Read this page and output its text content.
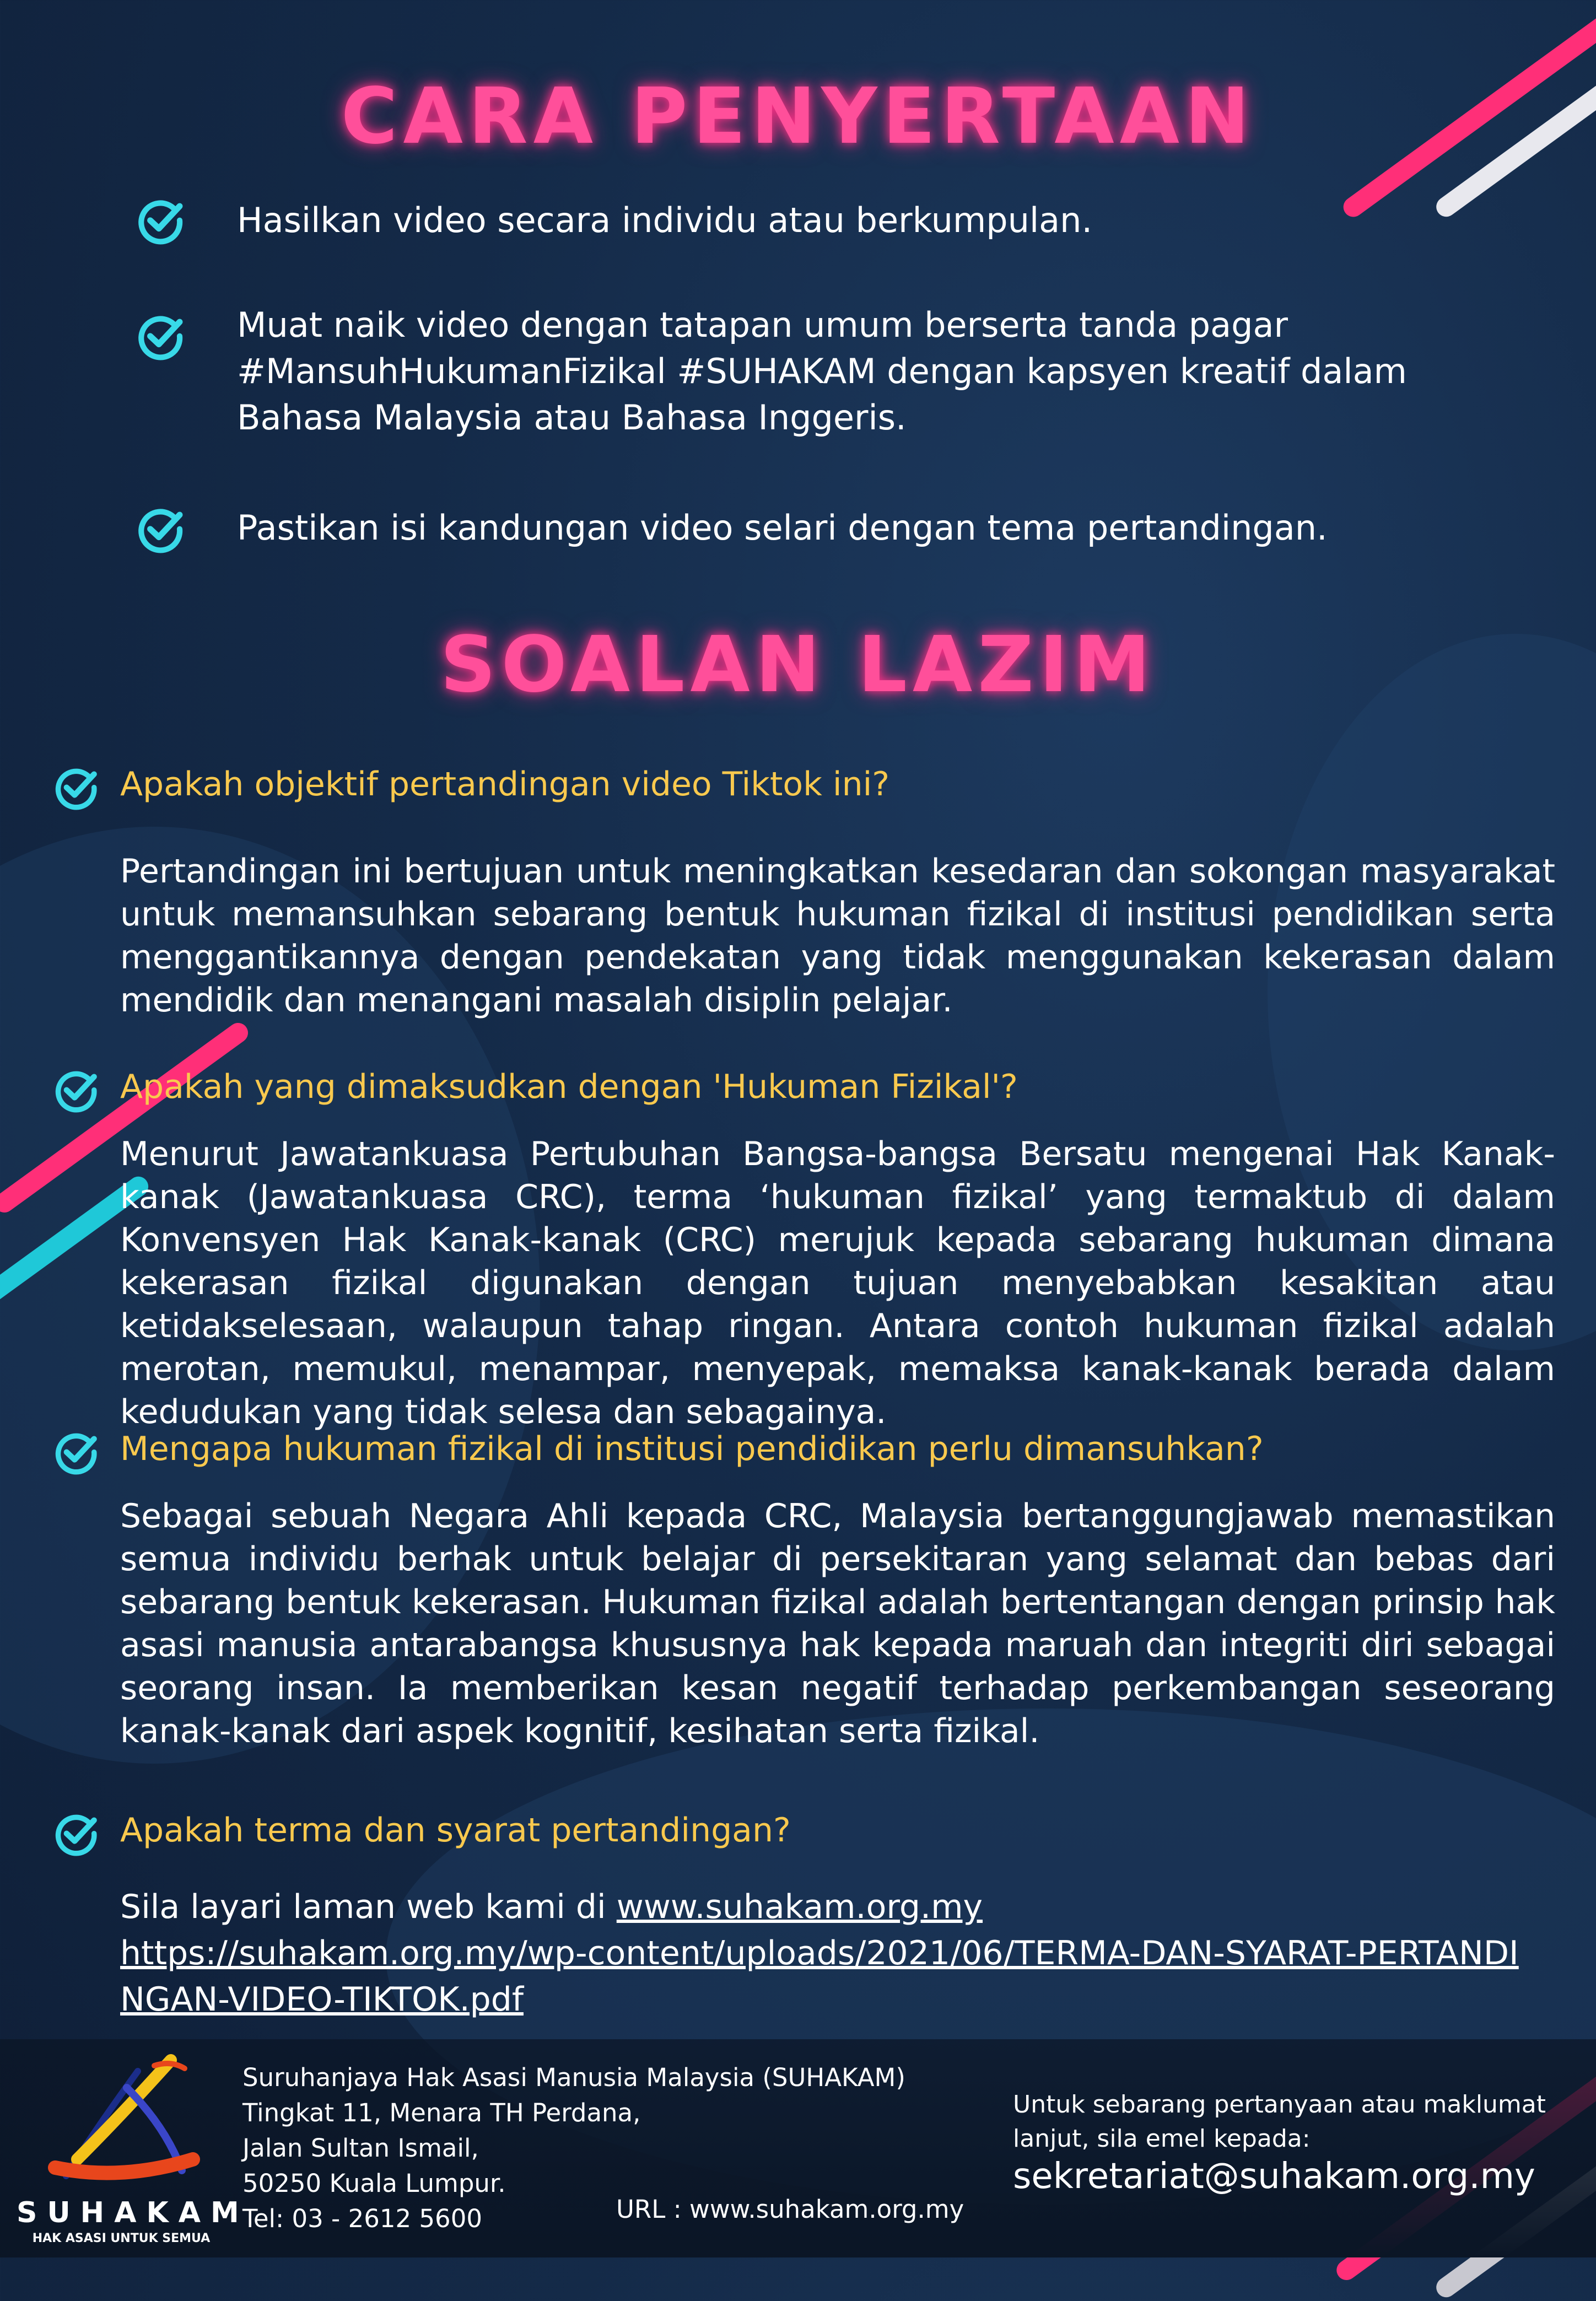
CARA PENYERTAAN

Hasilkan video secara individu atau berkumpulan.

Muat naik video dengan tatapan umum berserta tanda pagar #MansuhHukumanFizikal #SUHAKAM dengan kapsyen kreatif dalam Bahasa Malaysia atau Bahasa Inggeris.

Pastikan isi kandungan video selari dengan tema pertandingan.

SOALAN LAZIM

Apakah objektif pertandingan video Tiktok ini?

Pertandingan ini bertujuan untuk meningkatkan kesedaran dan sokongan masyarakat untuk memansuhkan sebarang bentuk hukuman fizikal di institusi pendidikan serta menggantikannya dengan pendekatan yang tidak menggunakan kekerasan dalam mendidik dan menangani masalah disiplin pelajar.

Apakah yang dimaksudkan dengan 'Hukuman Fizikal'?

Menurut Jawatankuasa Pertubuhan Bangsa-bangsa Bersatu mengenai Hak Kanak-kanak (Jawatankuasa CRC), terma ‘hukuman fizikal’ yang termaktub di dalam Konvensyen Hak Kanak-kanak (CRC) merujuk kepada sebarang hukuman dimana kekerasan fizikal digunakan dengan tujuan menyebabkan kesakitan atau ketidakselesaan, walaupun tahap ringan. Antara contoh hukuman fizikal adalah merotan, memukul, menampar, menyepak, memaksa kanak-kanak berada dalam kedudukan yang tidak selesa dan sebagainya.

Mengapa hukuman fizikal di institusi pendidikan perlu dimansuhkan?

Sebagai sebuah Negara Ahli kepada CRC, Malaysia bertanggungjawab memastikan semua individu berhak untuk belajar di persekitaran yang selamat dan bebas dari sebarang bentuk kekerasan. Hukuman fizikal adalah bertentangan dengan prinsip hak asasi manusia antarabangsa khususnya hak kepada maruah dan integriti diri sebagai seorang insan. Ia memberikan kesan negatif terhadap perkembangan seseorang kanak-kanak dari aspek kognitif, kesihatan serta fizikal.

Apakah terma dan syarat pertandingan?

Sila layari laman web kami di www.suhakam.org.my
https://suhakam.org.my/wp-content/uploads/2021/06/TERMA-DAN-SYARAT-PERTANDINGAN-VIDEO-TIKTOK.pdf

SUHAKAM
HAK ASASI UNTUK SEMUA

Suruhanjaya Hak Asasi Manusia Malaysia (SUHAKAM)
Tingkat 11, Menara TH Perdana,
Jalan Sultan Ismail,
50250 Kuala Lumpur.
Tel: 03 - 2612 5600	URL : www.suhakam.org.my

Untuk sebarang pertanyaan atau maklumat lanjut, sila emel kepada:

sekretariat@suhakam.org.my
